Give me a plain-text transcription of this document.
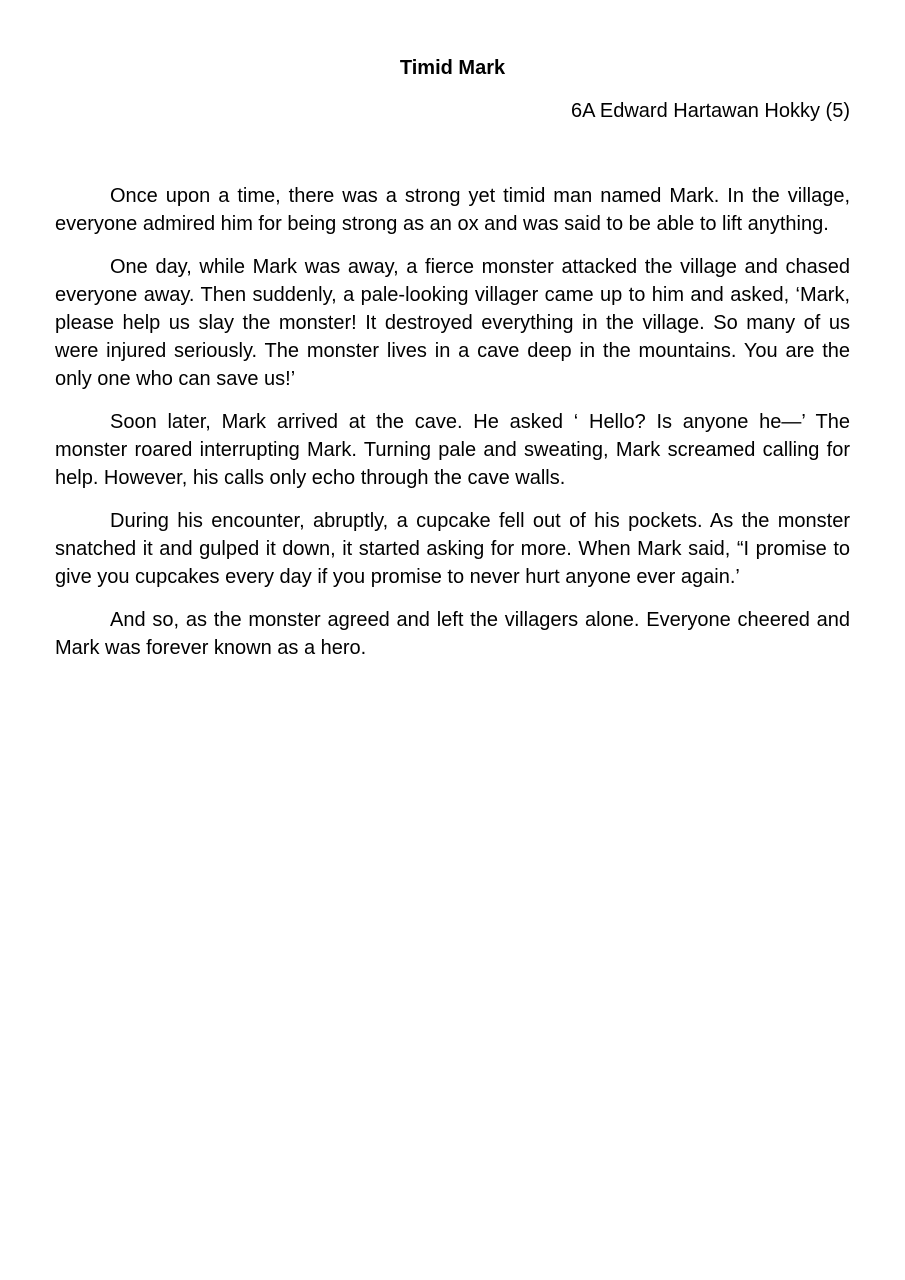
Timid Mark

6A Edward Hartawan Hokky (5)

Once upon a time, there was a strong yet timid man named Mark. In the village, everyone admired him for being strong as an ox and was said to be able to lift anything.

One day, while Mark was away, a fierce monster attacked the village and chased everyone away. Then suddenly, a pale-looking villager came up to him and asked, ‘Mark, please help us slay the monster! It destroyed everything in the village. So many of us were injured seriously. The monster lives in a cave deep in the mountains. You are the only one who can save us!’

Soon later, Mark arrived at the cave. He asked ‘ Hello? Is anyone he—’ The monster roared interrupting Mark. Turning pale and sweating, Mark screamed calling for help. However, his calls only echo through the cave walls.

During his encounter, abruptly, a cupcake fell out of his pockets. As the monster snatched it and gulped it down, it started asking for more. When Mark said, “I promise to give you cupcakes every day if you promise to never hurt anyone ever again.’

And so, as the monster agreed and left the villagers alone. Everyone cheered and Mark was forever known as a hero.
